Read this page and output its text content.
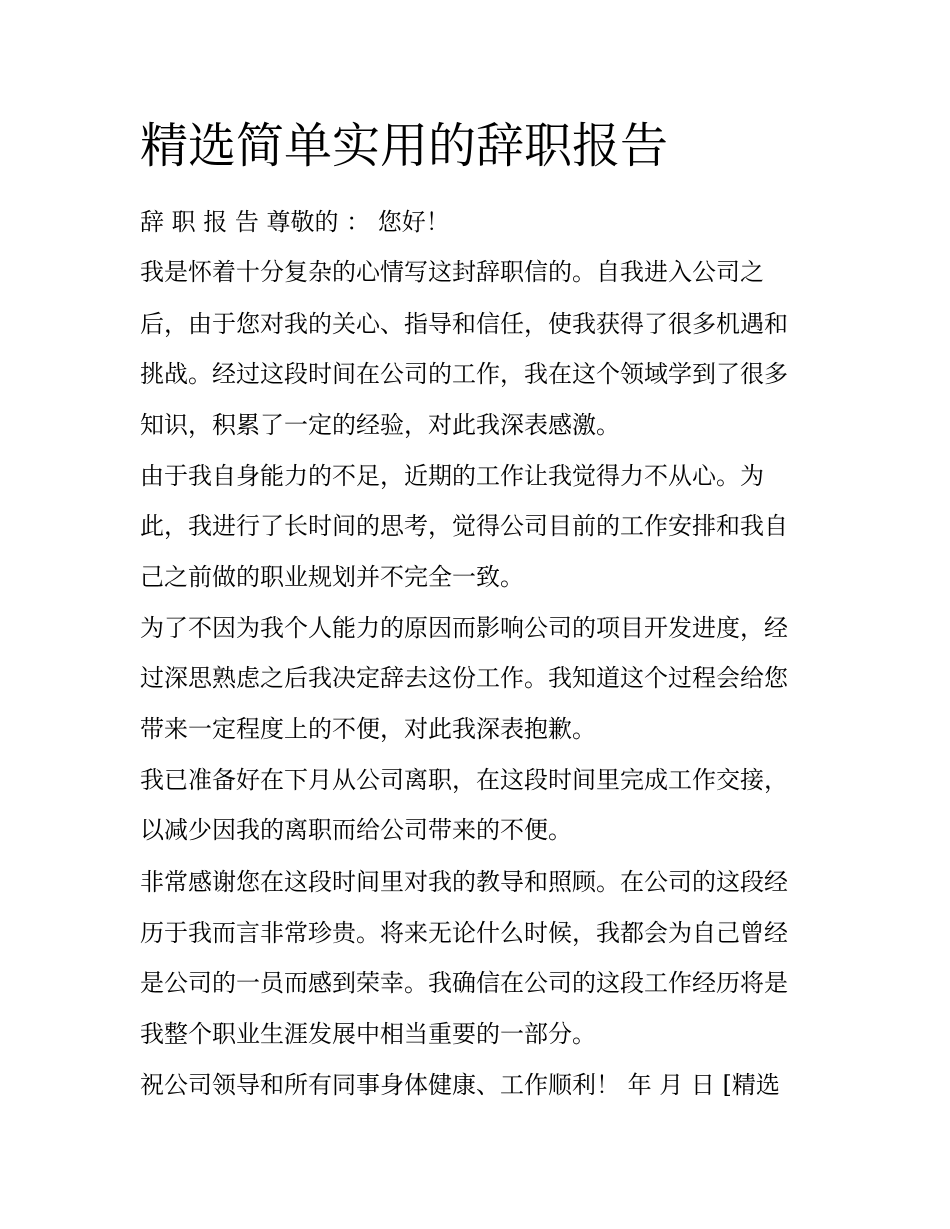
精选简单实用的辞职报告

辞 职 报 告 尊敬的 ： 您好！

我是怀着十分复杂的心情写这封辞职信的。自我进入公司之

后，由于您对我的关心、指导和信任，使我获得了很多机遇和

挑战。经过这段时间在公司的工作，我在这个领域学到了很多

知识，积累了一定的经验，对此我深表感激。

由于我自身能力的不足，近期的工作让我觉得力不从心。为

此，我进行了长时间的思考，觉得公司目前的工作安排和我自

己之前做的职业规划并不完全一致。

为了不因为我个人能力的原因而影响公司的项目开发进度，经

过深思熟虑之后我决定辞去这份工作。我知道这个过程会给您

带来一定程度上的不便，对此我深表抱歉。

我已准备好在下月从公司离职，在这段时间里完成工作交接，

以减少因我的离职而给公司带来的不便。

非常感谢您在这段时间里对我的教导和照顾。在公司的这段经

历于我而言非常珍贵。将来无论什么时候，我都会为自己曾经

是公司的一员而感到荣幸。我确信在公司的这段工作经历将是

我整个职业生涯发展中相当重要的一部分。

祝公司领导和所有同事身体健康、工作顺利！ 年 月 日 [精选
